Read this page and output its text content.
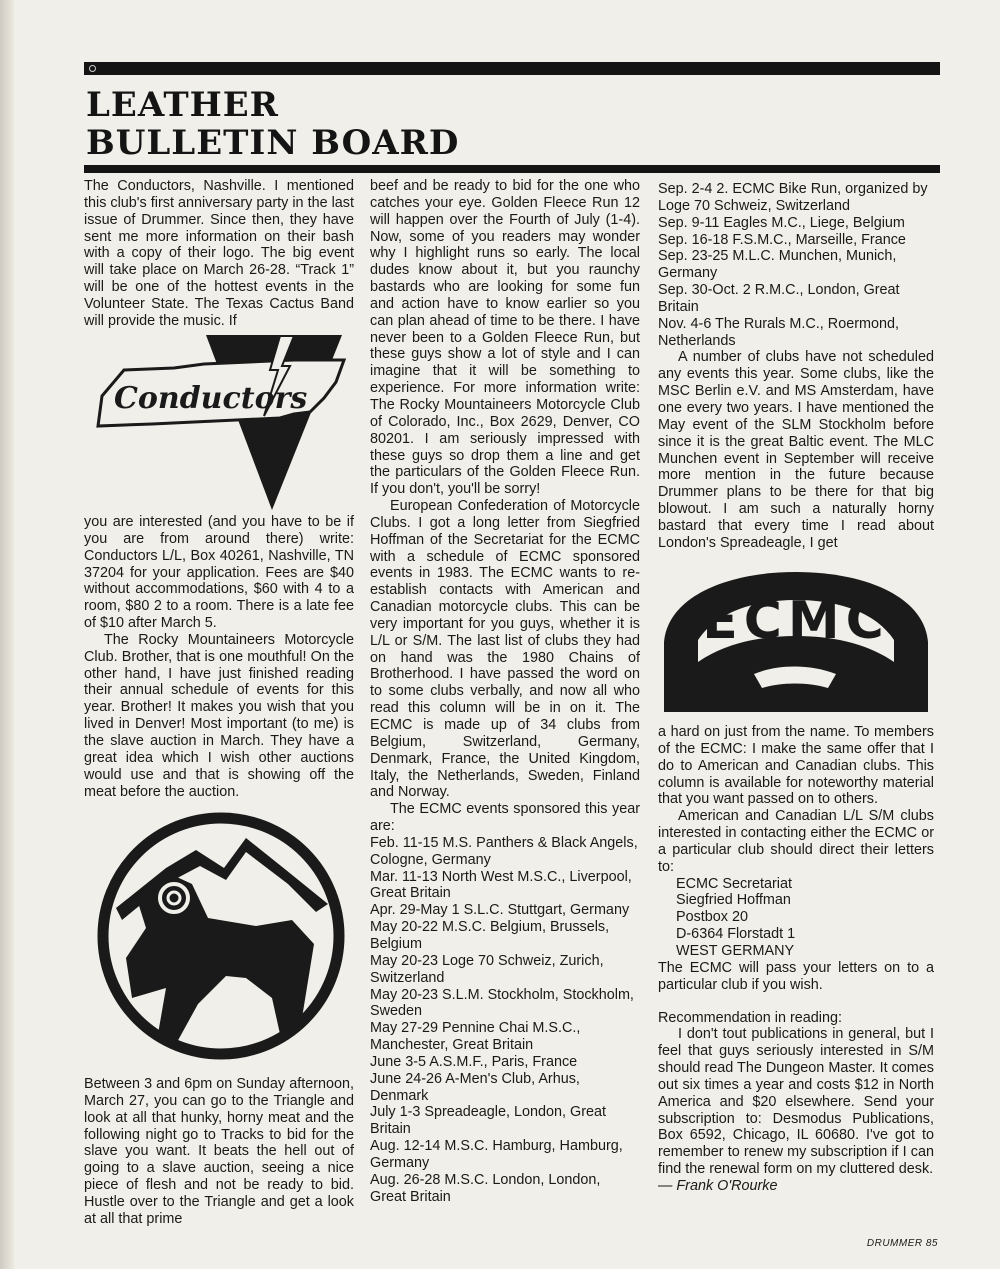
LEATHER
BULLETIN BOARD

The Conductors, Nashville. I mentioned this club's first anniversary party in the last issue of Drummer. Since then, they have sent me more information on their bash with a copy of their logo. The big event will take place on March 26-28. “Track 1” will be one of the hottest events in the Volunteer State. The Texas Cactus Band will provide the music. If

Conductors

you are interested (and you have to be if you are from around there) write: Conductors L/L, Box 40261, Nashville, TN 37204 for your application. Fees are $40 without accommodations, $60 with 4 to a room, $80 2 to a room. There is a late fee of $10 after March 5.

The Rocky Mountaineers Motorcycle Club. Brother, that is one mouthful! On the other hand, I have just finished reading their annual schedule of events for this year. Brother! It makes you wish that you lived in Denver! Most important (to me) is the slave auction in March. They have a great idea which I wish other auctions would use and that is showing off the meat before the auction.

Between 3 and 6pm on Sunday afternoon, March 27, you can go to the Triangle and look at all that hunky, horny meat and the following night go to Tracks to bid for the slave you want. It beats the hell out of going to a slave auction, seeing a nice piece of flesh and not be ready to bid. Hustle over to the Triangle and get a look at all that prime

beef and be ready to bid for the one who catches your eye. Golden Fleece Run 12 will happen over the Fourth of July (1-4). Now, some of you readers may wonder why I highlight runs so early. The local dudes know about it, but you raunchy bastards who are looking for some fun and action have to know earlier so you can plan ahead of time to be there. I have never been to a Golden Fleece Run, but these guys show a lot of style and I can imagine that it will be something to experience. For more information write: The Rocky Mountaineers Motorcycle Club of Colorado, Inc., Box 2629, Denver, CO 80201. I am seriously impressed with these guys so drop them a line and get the particulars of the Golden Fleece Run. If you don't, you'll be sorry!

European Confederation of Motorcycle Clubs. I got a long letter from Siegfried Hoffman of the Secretariat for the ECMC with a schedule of ECMC sponsored events in 1983. The ECMC wants to re-establish contacts with American and Canadian motorcycle clubs. This can be very important for you guys, whether it is L/L or S/M. The last list of clubs they had on hand was the 1980 Chains of Brotherhood. I have passed the word on to some clubs verbally, and now all who read this column will be in on it. The ECMC is made up of 34 clubs from Belgium, Switzerland, Germany, Denmark, France, the United Kingdom, Italy, the Netherlands, Sweden, Finland and Norway.

The ECMC events sponsored this year are:

Feb. 11-15 M.S. Panthers & Black Angels, Cologne, Germany
Mar. 11-13 North West M.S.C., Liverpool, Great Britain
Apr. 29-May 1 S.L.C. Stuttgart, Germany
May 20-22 M.S.C. Belgium, Brussels, Belgium
May 20-23 Loge 70 Schweiz, Zurich, Switzerland
May 20-23 S.L.M. Stockholm, Stockholm, Sweden
May 27-29 Pennine Chai M.S.C., Manchester, Great Britain
June 3-5 A.S.M.F., Paris, France
June 24-26 A-Men's Club, Arhus, Denmark
July 1-3 Spreadeagle, London, Great Britain
Aug. 12-14 M.S.C. Hamburg, Hamburg, Germany
Aug. 26-28 M.S.C. London, London, Great Britain
Sep. 2-4 2. ECMC Bike Run, organized by Loge 70 Schweiz, Switzerland
Sep. 9-11 Eagles M.C., Liege, Belgium
Sep. 16-18 F.S.M.C., Marseille, France
Sep. 23-25 M.L.C. Munchen, Munich, Germany
Sep. 30-Oct. 2 R.M.C., London, Great Britain
Nov. 4-6 The Rurals M.C., Roermond, Netherlands

A number of clubs have not scheduled any events this year. Some clubs, like the MSC Berlin e.V. and MS Amsterdam, have one every two years. I have mentioned the May event of the SLM Stockholm before since it is the great Baltic event. The MLC Munchen event in September will receive more mention in the future because Drummer plans to be there for that big blowout. I am such a naturally horny bastard that every time I read about London's Spreadeagle, I get

ECMC

a hard on just from the name. To members of the ECMC: I make the same offer that I do to American and Canadian clubs. This column is available for noteworthy material that you want passed on to others.

American and Canadian L/L S/M clubs interested in contacting either the ECMC or a particular club should direct their letters to:

ECMC Secretariat
Siegfried Hoffman
Postbox 20
D-6364 Florstadt 1
WEST GERMANY

The ECMC will pass your letters on to a particular club if you wish.

Recommendation in reading:

I don't tout publications in general, but I feel that guys seriously interested in S/M should read The Dungeon Master. It comes out six times a year and costs $12 in North America and $20 elsewhere. Send your subscription to: Desmodus Publications, Box 6592, Chicago, IL 60680. I've got to remember to renew my subscription if I can find the renewal form on my cluttered desk.

— Frank O'Rourke

DRUMMER 85
